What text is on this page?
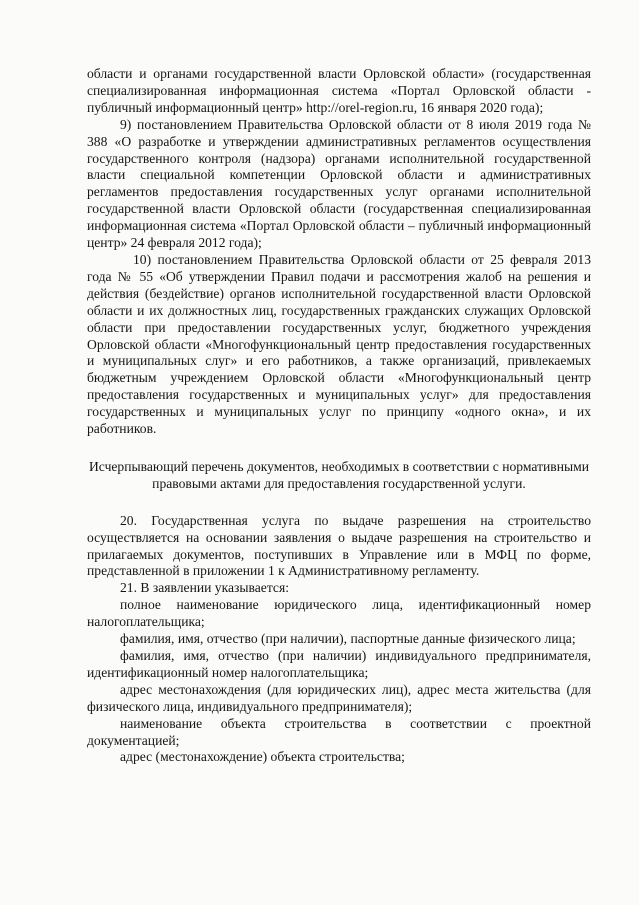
области и органами государственной власти Орловской области» (государственная специализированная информационная система «Портал Орловской области - публичный информационный центр» http://orel-region.ru, 16 января 2020 года);

9) постановлением Правительства Орловской области от 8 июля 2019 года № 388 «О разработке и утверждении административных регламентов осуществления государственного контроля (надзора) органами исполнительной государственной власти специальной компетенции Орловской области и административных регламентов предоставления государственных услуг органами исполнительной государственной власти Орловской области (государственная специализированная информационная система «Портал Орловской области – публичный информационный центр» 24 февраля 2012 года);

10) постановлением Правительства Орловской области от 25 февраля 2013 года № 55 «Об утверждении Правил подачи и рассмотрения жалоб на решения и действия (бездействие) органов исполнительной государственной власти Орловской области и их должностных лиц, государственных гражданских служащих Орловской области при предоставлении государственных услуг, бюджетного учреждения Орловской области «Многофункциональный центр предоставления государственных и муниципальных слуг» и его работников, а также организаций, привлекаемых бюджетным учреждением Орловской области «Многофункциональный центр предоставления государственных и муниципальных услуг» для предоставления государственных и муниципальных услуг по принципу «одного окна», и их работников.

Исчерпывающий перечень документов, необходимых в соответствии с нормативными правовыми актами для предоставления государственной услуги.

20. Государственная услуга по выдаче разрешения на строительство осуществляется на основании заявления о выдаче разрешения на строительство и прилагаемых документов, поступивших в Управление или в МФЦ по форме, представленной в приложении 1 к Административному регламенту.

21. В заявлении указывается:

полное наименование юридического лица, идентификационный номер налогоплательщика;

фамилия, имя, отчество (при наличии), паспортные данные физического лица;

фамилия, имя, отчество (при наличии) индивидуального предпринимателя, идентификационный номер налогоплательщика;

адрес местонахождения (для юридических лиц), адрес места жительства (для физического лица, индивидуального предпринимателя);

наименование объекта строительства в соответствии с проектной документацией;

адрес (местонахождение) объекта строительства;
